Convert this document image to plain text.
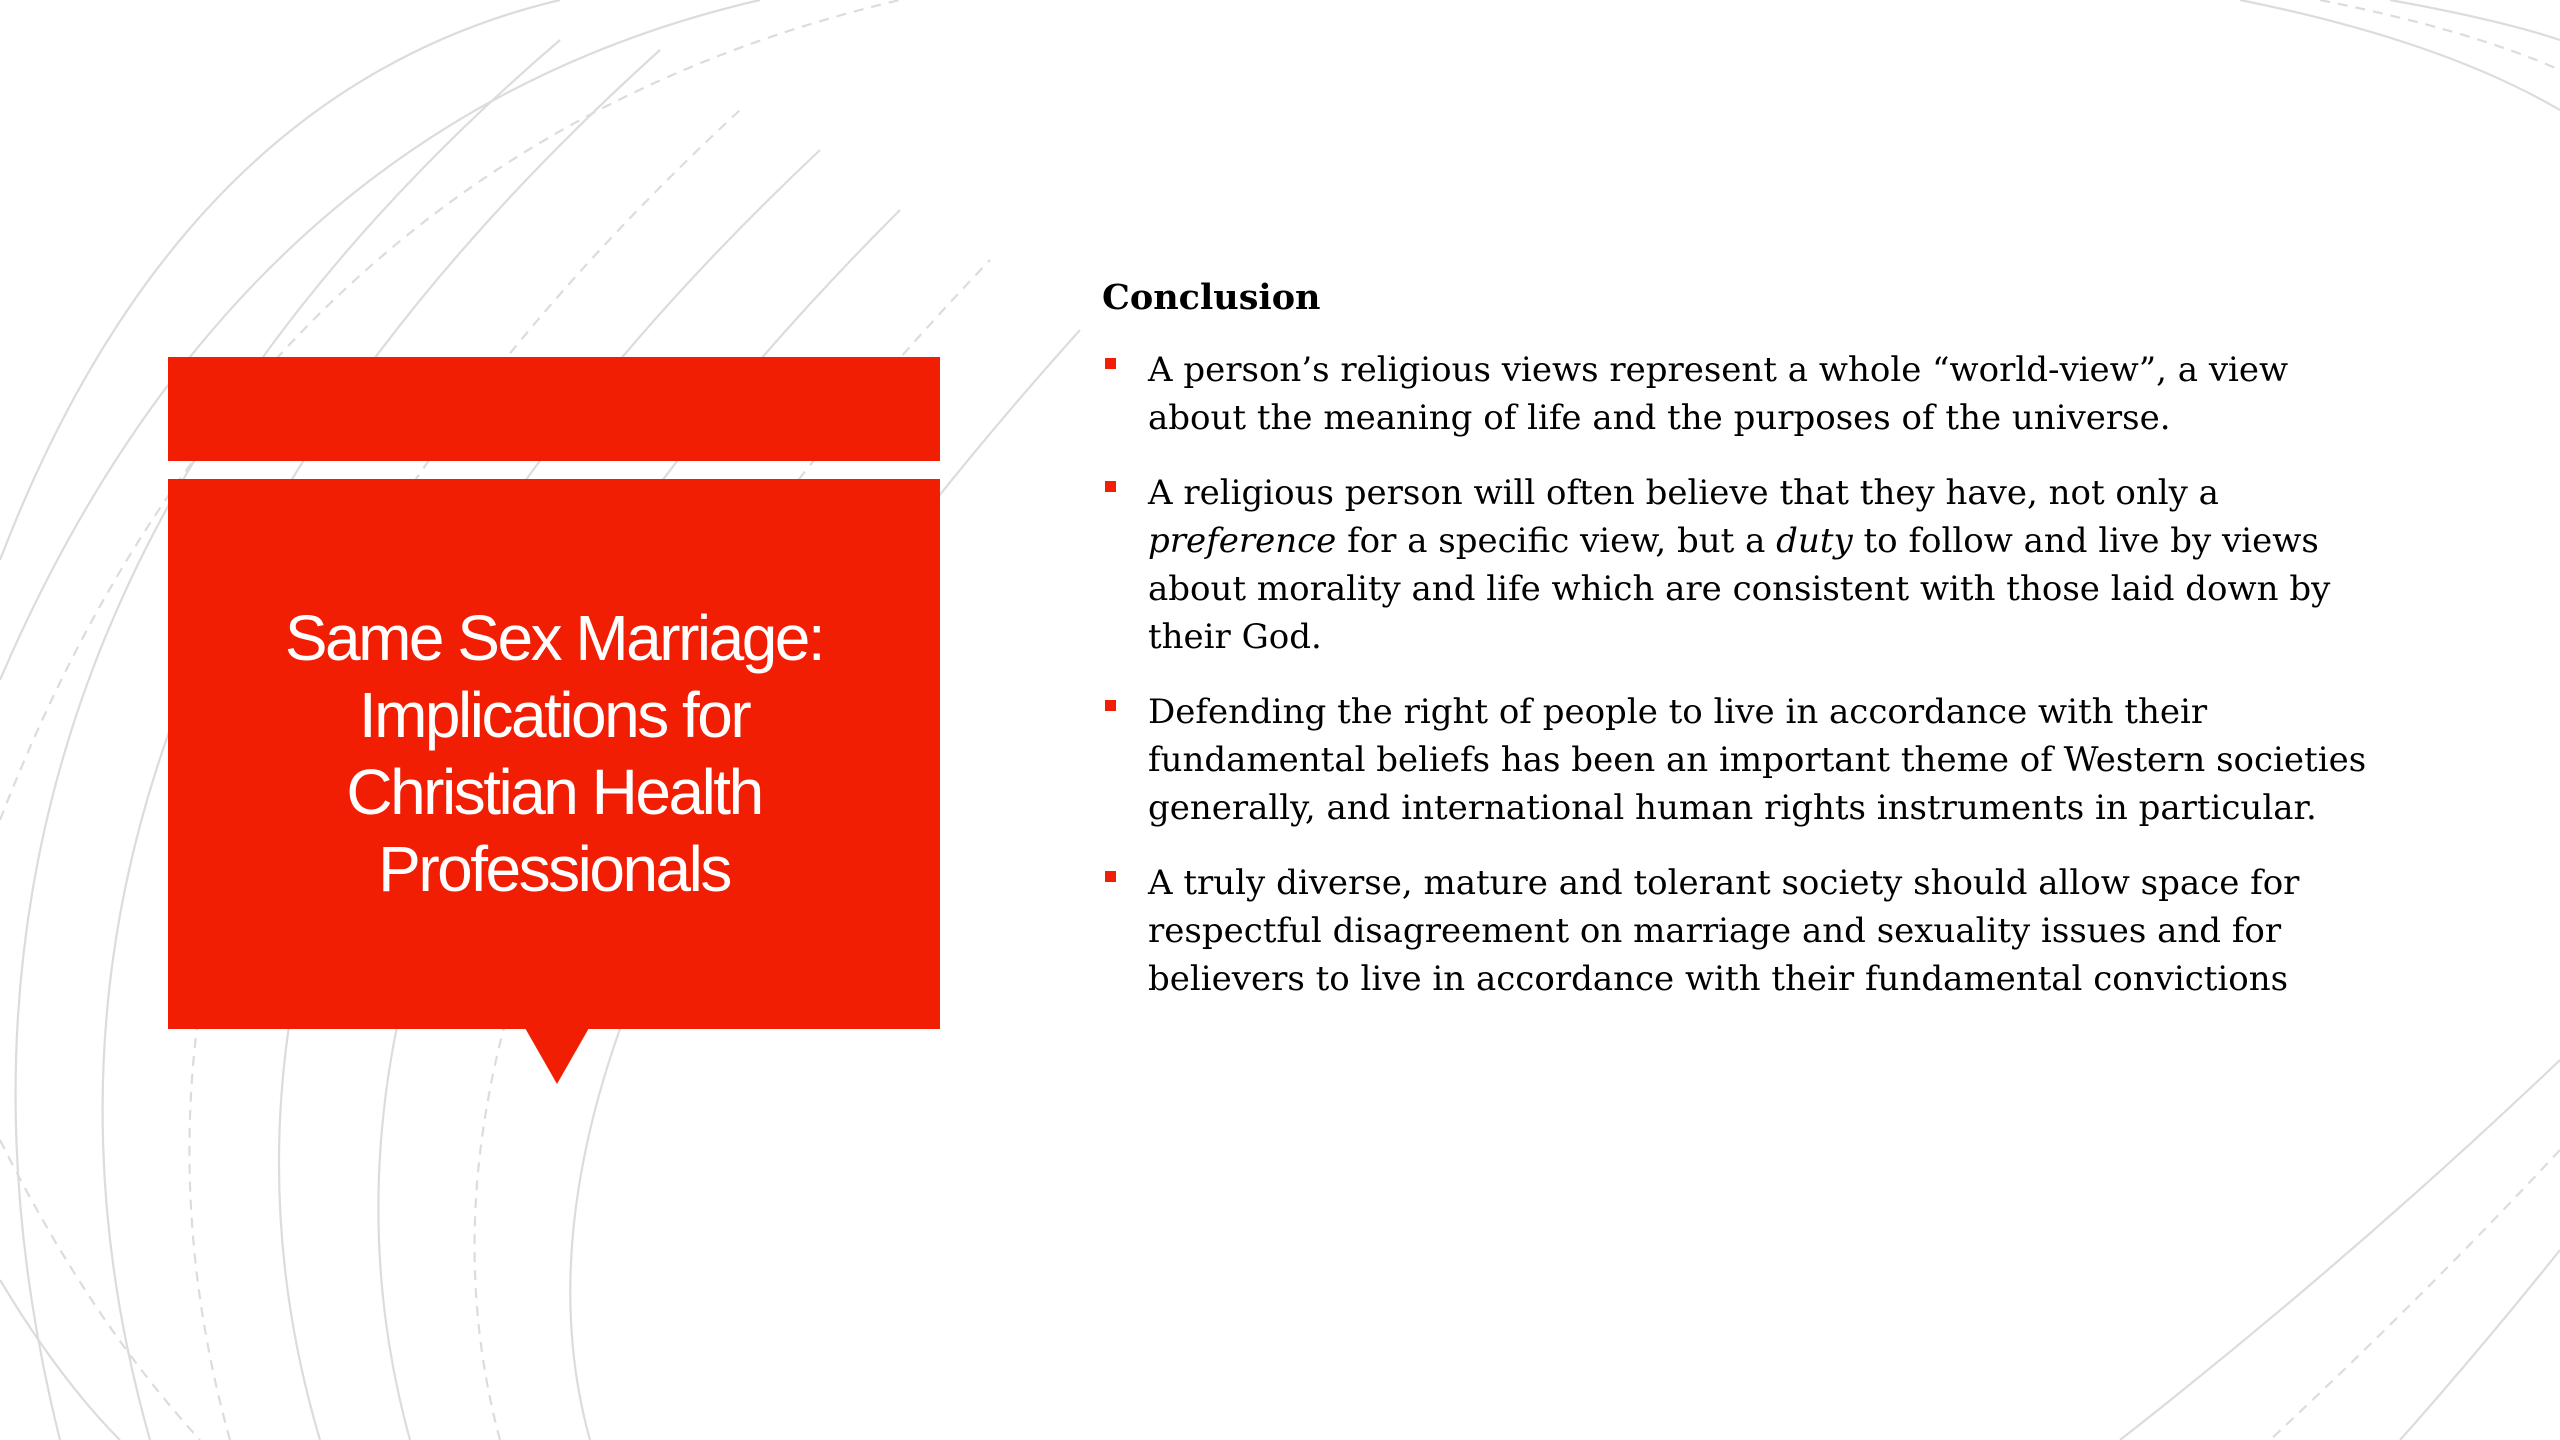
Same Sex Marriage: Implications for Christian Health Professionals
Conclusion
A person’s religious views represent a whole “world-view”, a view about the meaning of life and the purposes of the universe.
A religious person will often believe that they have, not only a preference for a specific view, but a duty to follow and live by views about morality and life which are consistent with those laid down by their God.
Defending the right of people to live in accordance with their fundamental beliefs has been an important theme of Western societies generally, and international human rights instruments in particular.
A truly diverse, mature and tolerant society should allow space for respectful disagreement on marriage and sexuality issues and for believers to live in accordance with their fundamental convictions
